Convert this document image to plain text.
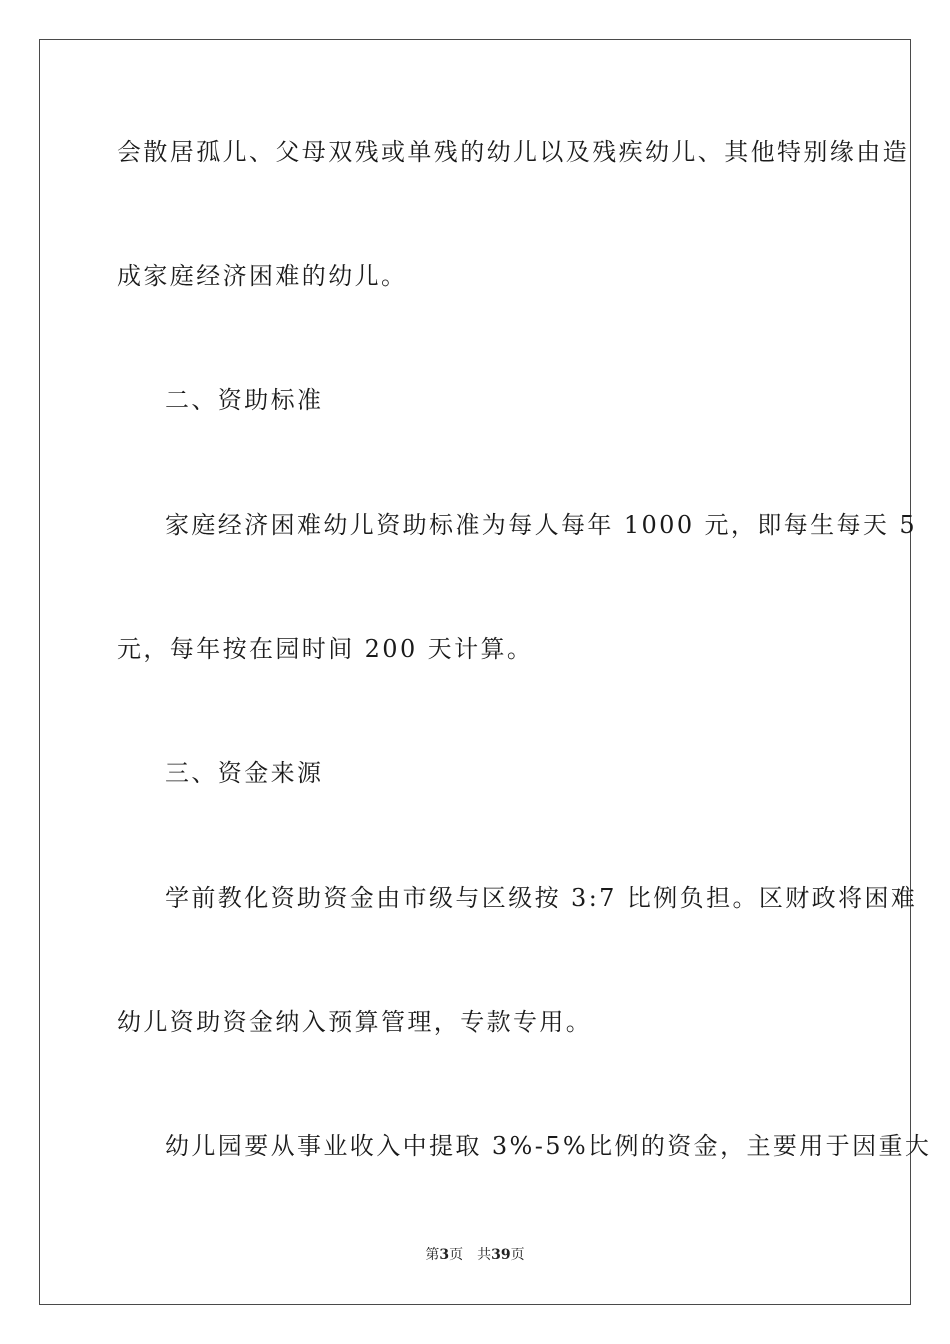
会散居孤儿、父母双残或单残的幼儿以及残疾幼儿、其他特别缘由造
成家庭经济困难的幼儿。
二、资助标准
家庭经济困难幼儿资助标准为每人每年 1000 元，即每生每天 5
元，每年按在园时间 200 天计算。
三、资金来源
学前教化资助资金由市级与区级按 3:7 比例负担。区财政将困难
幼儿资助资金纳入预算管理，专款专用。
幼儿园要从事业收入中提取 3%-5%比例的资金，主要用于因重大
第3页 共39页
